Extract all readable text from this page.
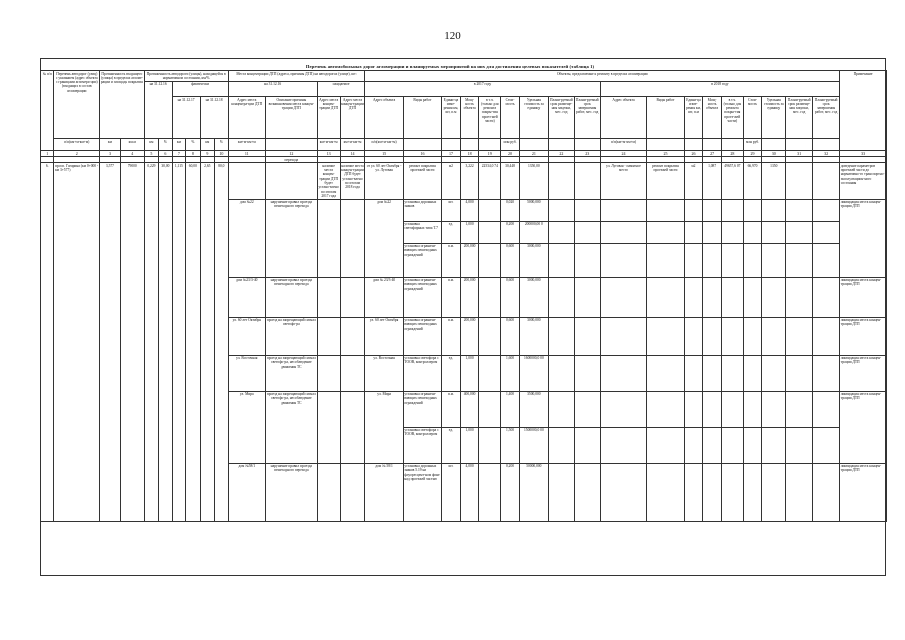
120
Перечень автомобильных дорог агломерации и планируемых мероприятий на них для достижения целевых показателей (таблица 1)
№ п/п	Перечень автодорог (улиц) с указанием (адрес объекта с границами агломера-ции)(входящих в состав агломерации	Протяженность входящего (улицы) в пределах агломе-рации и площадь покрытия		Протяженность автодороги (улицы), находящейся в нормативном состоянии, км/%						Места концентрации ДТП (адреса, причины ДТП) на автодорогах (улице), шт:				Объекты, предлагаемые к ремонту в пределах агломерации																		Примечание
				на 31.12.16		фактически				на 31.12.16		ожидаемое		в 2017 году									в 2018 году									
						на 31.12.17		на 31.12.18		Адрес места концентра-ции ДТП	Описание причины возникновения места концен-трации ДТП	Адрес места концен-трации ДТП	Адрес места концен-трации ДТП	Адрес объекта	Виды работ	Едини-ца изме-рения км, шт, п.м	Мощ-ность объекта	в т.ч. (только для ремонта покры-тия проез-жей части)	Стои-мость	Удельная стоимость за единицу	Плани-руемый срок размеще-ния закупки, мес. год	Плани-руемый срок завершения работ, мес. год	Адрес объекта	Виды работ	Едини-ца изме-рения км, шт, п.м	Мощ-ность объекта	в т.ч. (только для ремонта покры-тия проез-жей части)	Стои-мость	Удельная стоимость за единицу	Плани-руемый срок размеще-ния закупки, мес. год	Плани-руемый срок завершения работ, мес. год	
	п/п(км+м-км+м)	км	км.м	км	%	км	%	км	%	км+м-км+м		км+м-км+м	км+м-км+м	п/п(км+м-км+м)					млн руб.				п/п(км+м-км+м)					млн руб.				
1	2	3	4	5	6	7	8	9	10	11	12	13	14	15	16	17	18	19	20	21	22	23	24	25	26	27	28	29	30	31	32	33
											перехода																					
6.	просп. Гагарина (км 0+000 - км 3+577)	3,577	79000	0,229	30,00	1,115	60,00	2,65	80,0			наличие места концен-трации ДТП будет устано-влено по итогам 2017 года	наличие места концен-трации ДТП будет устано-влено по итогам 2018 года	от ул. 60 лет Октября - ул. Луговая	ремонт покрытия проезжей части	м2	3,222	22534,0 74	30,448	1350,00			ул. Луговая - памятное место	ремонт покрытия проезжей части	м2	1,087	49657,6 07	66,970	1350			доведение параметров проезжей части до нормативно-го транспортно-эксплуатацион-ного состояния
										дом №22	нарушение правил проезда пешеходного перехода			дом №22	установка дорожных знаков	шт.	4,000		0,020	5000,000												ликвидация места концен-трации ДТП
															установка светофорных типа Т.7	ед.	1,000		0,200	200000,00 0												
															установка ограничи-вающих пешеходных ограждений	п.м.	200,000		0,600	3000,000												
										дом №23/3-40	нарушение правил проезда пешеходного перехода			дом № 23/3-40	установка ограничи-вающих пешеходных ограждений	п.м.	200,000		0,600	3000,000												ликвидация места концен-трации ДТП
										ул. 60 лет Октября	проезд на запрещающий сигнал светофо-ра			ул. 60 лет Октября	установка ограничи-вающих пешеходных ограждений	п.м.	200,000		0,600	3000,000												ликвидация места концен-трации ДТП
										ул. Восточная	проезд на запрещающий сигнал светофо-ра, несоблюдение движения ТС			ул. Восточная	установка светофора с ТООВ, контроллером	ед.	1,000		1,600	1600000,0 00												ликвидация места концен-трации ДТП
										ул. Мира	проезд на запрещающий сигнал светофо-ра, несоблюдение движения ТС			ул. Мира	установка ограничи-вающих пешеходных ограждений	п.м.	400,000		1,400	3500,000												ликвидация места концен-трации ДТП
															установка светофора с ТООВ, контроллером	ед.	1,000		1,500	1500000,0 00												
										дом №58/1	нарушение правил проезда пешеходного перехода			дом № 58/1	установка дорожных знаков 5.19 на флуоресцент-ном фоне над проезжей частью	шт.	4,000		0,200	50000,000												ликвидация места концен-трации ДТП
